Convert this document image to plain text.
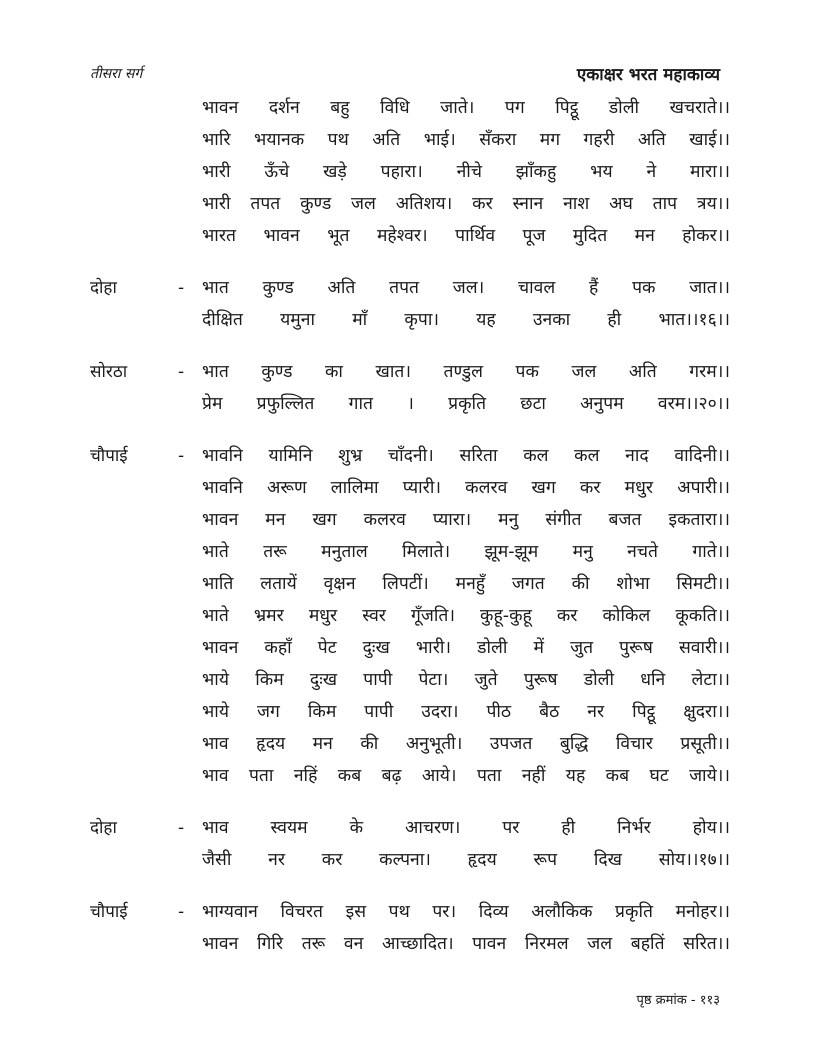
तीसरा सर्ग	एकाक्षर भरत महाकाव्य
भावन दर्शन बहु विधि जाते। पग पिट्ठू डोली खचराते।।
भारि भयानक पथ अति भाई। सँकरा मग गहरी अति खाई।।
भारी ऊँचे खड़े पहारा। नीचे झाँकहु भय ने मारा।।
भारी तपत कुण्ड जल अतिशय। कर स्नान नाश अघ ताप त्रय।।
भारत भावन भूत महेश्वर। पार्थिव पूज मुदित मन होकर।।
दोहा	-	भात कुण्ड अति तपत जल। चावल हैं पक जात।।
दीक्षित यमुना माँ कृपा। यह उनका ही भात।।१६।।
सोरठा	-	भात कुण्ड का खात। तण्डुल पक जल अति गरम।।
प्रेम प्रफुल्लित गात । प्रकृति छटा अनुपम वरम।।२०।।
चौपाई	-	भावनि यामिनि शुभ्र चाँदनी। सरिता कल कल नाद वादिनी।।
भावनि अरूण लालिमा प्यारी। कलरव खग कर मधुर अपारी।।
भावन मन खग कलरव प्यारा। मनु संगीत बजत इकतारा।।
भाते तरू मनुताल मिलाते। झूम-झूम मनु नचते गाते।।
भाति लतायें वृक्षन लिपटीं। मनहुँ जगत की शोभा सिमटी।।
भाते भ्रमर मधुर स्वर गूँजति। कुहू-कुहू कर कोकिल कूकति।।
भावन कहाँ पेट दुःख भारी। डोली में जुत पुरूष सवारी।।
भाये किम दुःख पापी पेटा। जुते पुरूष डोली धनि लेटा।।
भाये जग किम पापी उदरा। पीठ बैठ नर पिट्ठू क्षुदरा।।
भाव हृदय मन की अनुभूती। उपजत बुद्धि विचार प्रसूती।।
भाव पता नहिं कब बढ़ आये। पता नहीं यह कब घट जाये।।
दोहा	-	भाव स्वयम के आचरण। पर ही निर्भर होय।।
जैसी नर कर कल्पना। हृदय रूप दिख सोय।।१७।।
चौपाई	-	भाग्यवान विचरत इस पथ पर। दिव्य अलौकिक प्रकृति मनोहर।।
भावन गिरि तरू वन आच्छादित। पावन निरमल जल बहतिं सरित।।
पृष्ठ क्रमांक - ११३
